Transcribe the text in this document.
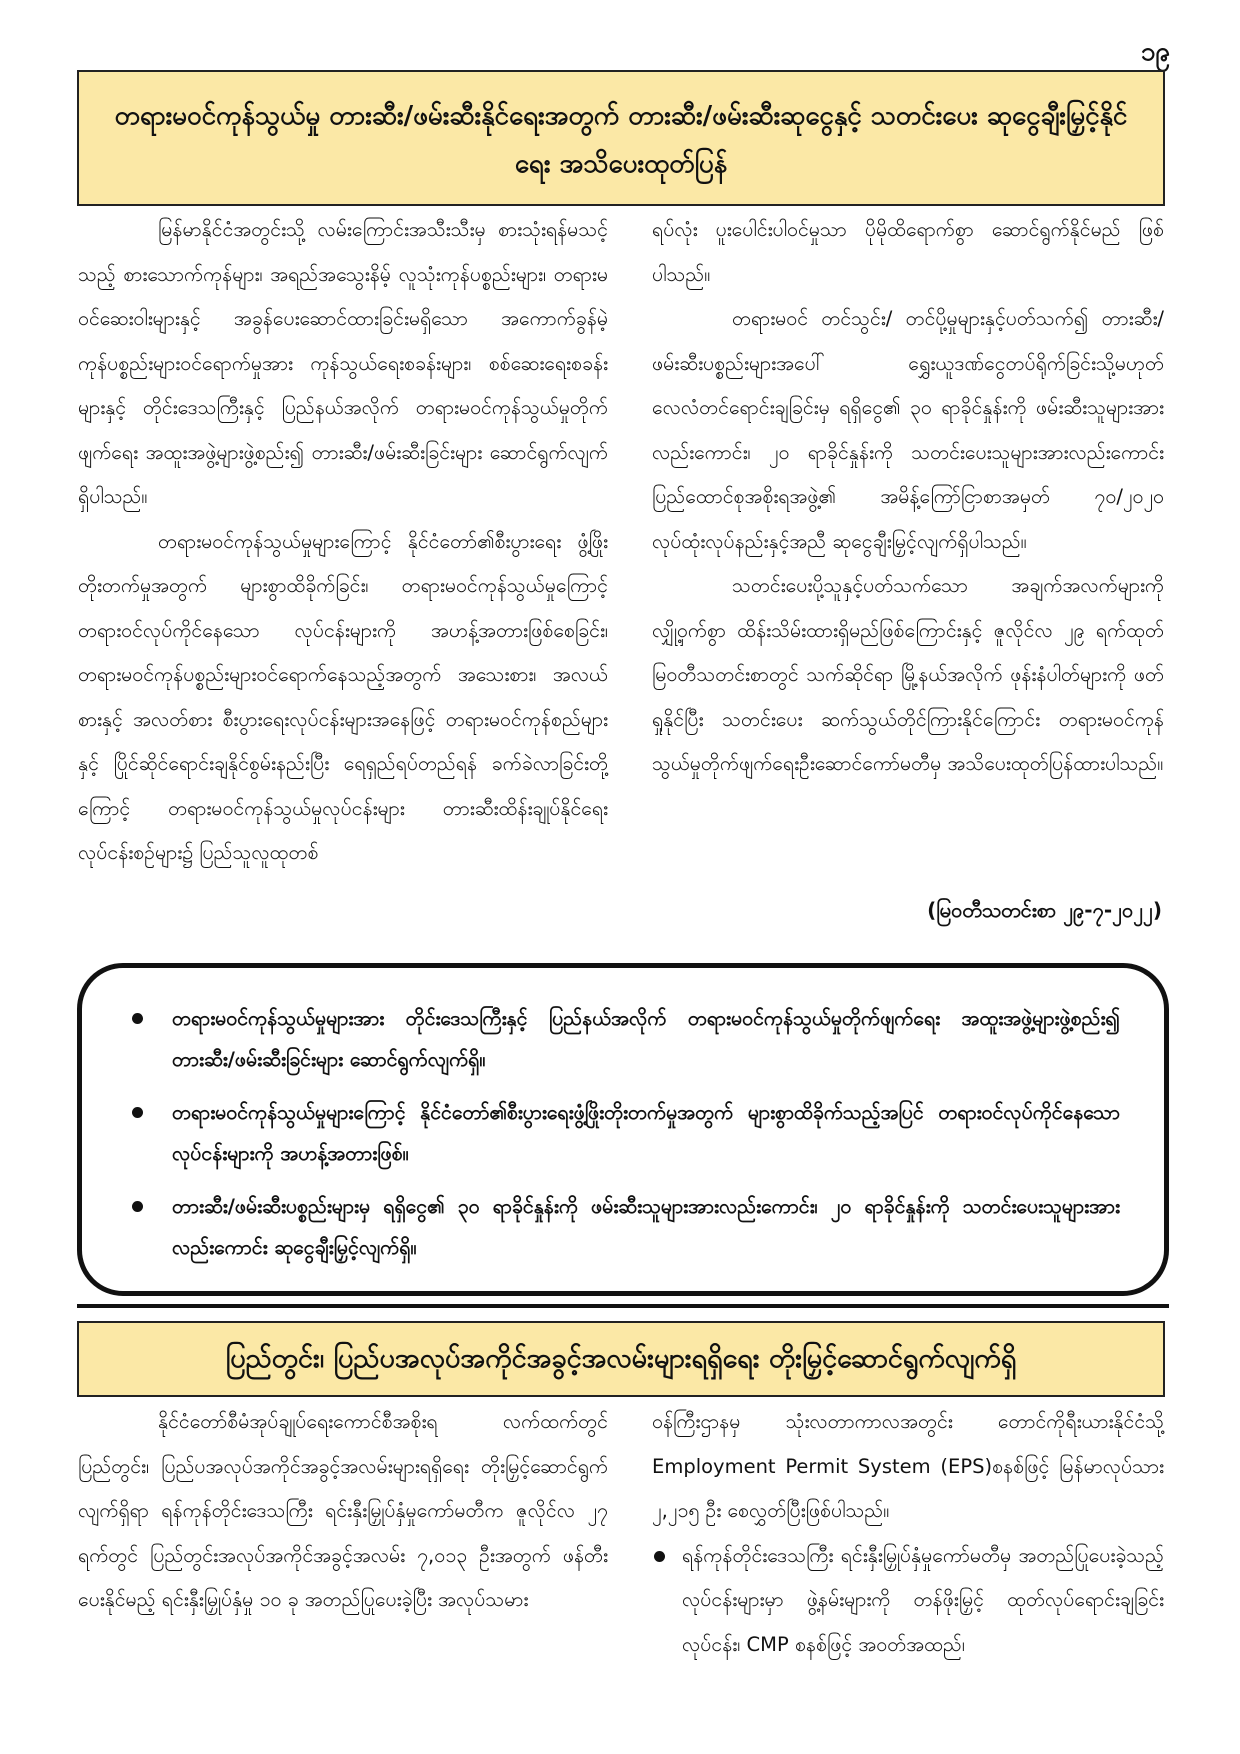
၁၉
တရားမဝင်ကုန်သွယ်မှု တားဆီး/ဖမ်းဆီးနိုင်ရေးအတွက် တားဆီး/ဖမ်းဆီးဆုငွေနှင့် သတင်းပေး ဆုငွေချီးမြှင့်နိုင်ရေး အသိပေးထုတ်ပြန်

မြန်မာနိုင်ငံအတွင်းသို့ လမ်းကြောင်းအသီးသီးမှ စားသုံးရန်မသင့်သည့် စားသောက်ကုန်များ၊ အရည်အသွေးနိမ့် လူသုံးကုန်ပစ္စည်းများ၊ တရားမဝင်ဆေးဝါးများနှင့် အခွန်ပေးဆောင်ထားခြင်းမရှိသော အကောက်ခွန်မဲ့ ကုန်ပစ္စည်းများဝင်ရောက်မှုအား ကုန်သွယ်ရေးစခန်းများ၊ စစ်ဆေးရေးစခန်းများနှင့် တိုင်းဒေသကြီးနှင့် ပြည်နယ်အလိုက် တရားမဝင်ကုန်သွယ်မှုတိုက်ဖျက်ရေး အထူးအဖွဲ့များဖွဲ့စည်း၍ တားဆီး/ဖမ်းဆီးခြင်းများ ဆောင်ရွက်လျက်ရှိပါသည်။

တရားမဝင်ကုန်သွယ်မှုများကြောင့် နိုင်ငံတော်၏စီးပွားရေး ဖွံ့ဖြိုးတိုးတက်မှုအတွက် များစွာထိခိုက်ခြင်း၊ တရားမဝင်ကုန်သွယ်မှုကြောင့် တရားဝင်လုပ်ကိုင်နေသော လုပ်ငန်းများကို အဟန့်အတားဖြစ်စေခြင်း၊ တရားမဝင်ကုန်ပစ္စည်းများဝင်ရောက်နေသည့်အတွက် အသေးစား၊ အလယ်စားနှင့် အလတ်စား စီးပွားရေးလုပ်ငန်းများအနေဖြင့် တရားမဝင်ကုန်စည်များနှင့် ပြိုင်ဆိုင်ရောင်းချနိုင်စွမ်းနည်းပြီး ရေရှည်ရပ်တည်ရန် ခက်ခဲလာခြင်းတို့ကြောင့် တရားမဝင်ကုန်သွယ်မှုလုပ်ငန်းများ တားဆီးထိန်းချုပ်နိုင်ရေးလုပ်ငန်းစဉ်များ၌ ပြည်သူလူထုတစ်

ရပ်လုံး ပူးပေါင်းပါဝင်မှုသာ ပိုမိုထိရောက်စွာ ဆောင်ရွက်နိုင်မည် ဖြစ်ပါသည်။

တရားမဝင် တင်သွင်း/ တင်ပို့မှုများနှင့်ပတ်သက်၍ တားဆီး/ဖမ်းဆီးပစ္စည်းများအပေါ် ရွှေးယူဒဏ်ငွေတပ်ရိုက်ခြင်းသို့မဟုတ် လေလံတင်ရောင်းချခြင်းမှ ရရှိငွေ၏ ၃၀ ရာခိုင်နှုန်းကို ဖမ်းဆီးသူများအားလည်းကောင်း၊ ၂၀ ရာခိုင်နှုန်းကို သတင်းပေးသူများအားလည်းကောင်း ပြည်ထောင်စုအစိုးရအဖွဲ့၏ အမိန့်ကြော်ငြာစာအမှတ် ၇၀/၂၀၂၀ လုပ်ထုံးလုပ်နည်းနှင့်အညီ ဆုငွေချီးမြှင့်လျက်ရှိပါသည်။

သတင်းပေးပို့သူနှင့်ပတ်သက်သော အချက်အလက်များကို လျှို့ဝှက်စွာ ထိန်းသိမ်းထားရှိမည်ဖြစ်ကြောင်းနှင့် ဇူလိုင်လ ၂၉ ရက်ထုတ် မြဝတီသတင်းစာတွင် သက်ဆိုင်ရာ မြို့နယ်အလိုက် ဖုန်းနံပါတ်များကို ဖတ်ရှုနိုင်ပြီး သတင်းပေး ဆက်သွယ်တိုင်ကြားနိုင်ကြောင်း တရားမဝင်ကုန်သွယ်မှုတိုက်ဖျက်ရေးဦးဆောင်ကော်မတီမှ အသိပေးထုတ်ပြန်ထားပါသည်။

(မြဝတီသတင်းစာ ၂၉-၇-၂၀၂၂)
တရားမဝင်ကုန်သွယ်မှုများအား တိုင်းဒေသကြီးနှင့် ပြည်နယ်အလိုက် တရားမဝင်ကုန်သွယ်မှုတိုက်ဖျက်ရေး အထူးအဖွဲ့များဖွဲ့စည်း၍ တားဆီး/ဖမ်းဆီးခြင်းများ ဆောင်ရွက်လျက်ရှိ။
တရားမဝင်ကုန်သွယ်မှုများကြောင့် နိုင်ငံတော်၏စီးပွားရေးဖွံ့ဖြိုးတိုးတက်မှုအတွက် များစွာထိခိုက်သည့်အပြင် တရားဝင်လုပ်ကိုင်နေသော လုပ်ငန်းများကို အဟန့်အတားဖြစ်။
တားဆီး/ဖမ်းဆီးပစ္စည်းများမှ ရရှိငွေ၏ ၃၀ ရာခိုင်နှုန်းကို ဖမ်းဆီးသူများအားလည်းကောင်း၊ ၂၀ ရာခိုင်နှုန်းကို သတင်းပေးသူများအားလည်းကောင်း ဆုငွေချီးမြှင့်လျက်ရှိ။
ပြည်တွင်း၊ ပြည်ပအလုပ်အကိုင်အခွင့်အလမ်းများရရှိရေး တိုးမြှင့်ဆောင်ရွက်လျက်ရှိ

နိုင်ငံတော်စီမံအုပ်ချုပ်ရေးကောင်စီအစိုးရ လက်ထက်တွင် ပြည်တွင်း၊ ပြည်ပအလုပ်အကိုင်အခွင့်အလမ်းများရရှိရေး တိုးမြှင့်ဆောင်ရွက်လျက်ရှိရာ ရန်ကုန်တိုင်းဒေသကြီး ရင်းနှီးမြှုပ်နှံမှုကော်မတီက ဇူလိုင်လ ၂၇ ရက်တွင် ပြည်တွင်းအလုပ်အကိုင်အခွင့်အလမ်း ၇,၀၁၃ ဦးအတွက် ဖန်တီးပေးနိုင်မည့် ရင်းနှီးမြှုပ်နှံမှု ၁၀ ခု အတည်ပြုပေးခဲ့ပြီး အလုပ်သမား

ဝန်ကြီးဌာနမှ သုံးလတာကာလအတွင်း တောင်ကိုရီးယားနိုင်ငံသို့ Employment Permit System (EPS)စနစ်ဖြင့် မြန်မာလုပ်သား ၂,၂၁၅ ဦး စေလွှတ်ပြီးဖြစ်ပါသည်။

ရန်ကုန်တိုင်းဒေသကြီး ရင်းနှီးမြှုပ်နှံမှုကော်မတီမှ အတည်ပြုပေးခဲ့သည့်လုပ်ငန်းများမှာ ဖွဲ့နမ်းများကို တန်ဖိုးမြှင့် ထုတ်လုပ်ရောင်းချခြင်းလုပ်ငန်း၊ CMP စနစ်ဖြင့် အဝတ်အထည်၊
